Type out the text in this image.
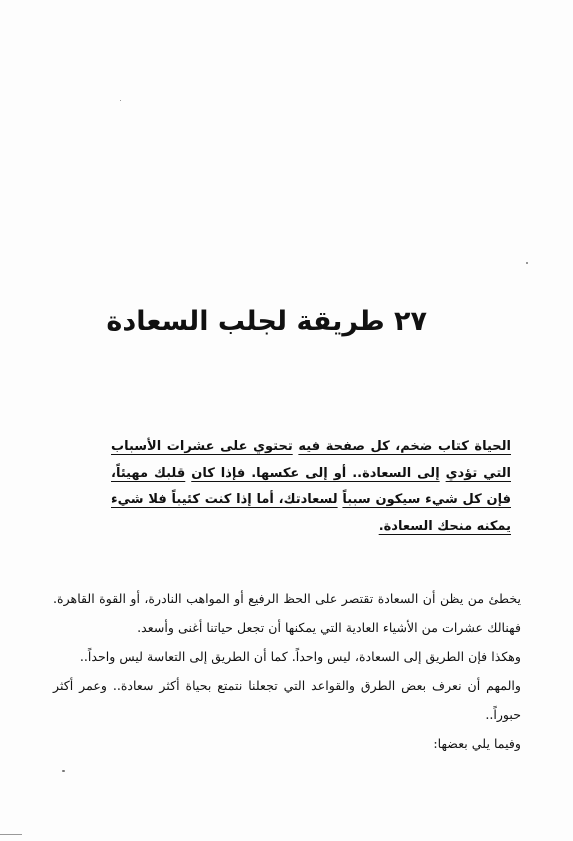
٢٧ طريقة لجلب السعادة
الحياة كتاب ضخم، كل صفحة فيه تحتوي على عشرات الأسباب التي تؤدي إلى السعادة.. أو إلى عكسها. فإذا كان قلبك مهيئاً، فإن كل شيء سيكون سبباً لسعادتك، أما إذا كنت كئيباً فلا شيء يمكنه منحك السعادة.

يخطئ من يظن أن السعادة تقتصر على الحظ الرفيع أو المواهب النادرة، أو القوة القاهرة. فهنالك عشرات من الأشياء العادية التي يمكنها أن تجعل حياتنا أغنى وأسعد.

وهكذا فإن الطريق إلى السعادة، ليس واحداً. كما أن الطريق إلى التعاسة ليس واحداً..

والمهم أن نعرف بعض الطرق والقواعد التي تجعلنا نتمتع بحياة أكثر سعادة.. وعمر أكثر حبوراً..

وفيما يلي بعضها:
